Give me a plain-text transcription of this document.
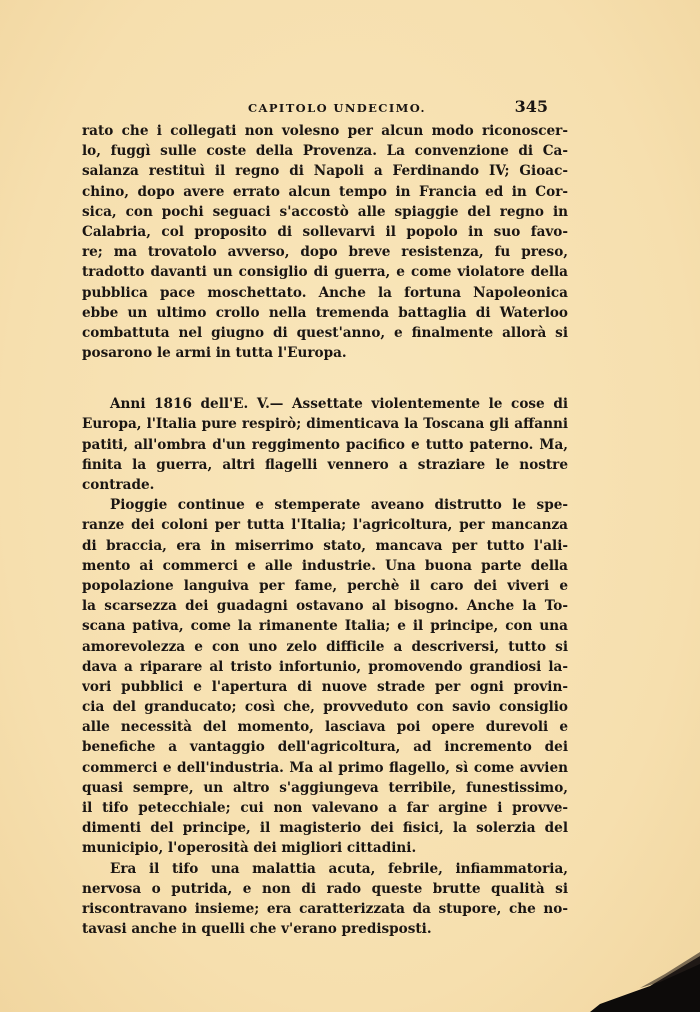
CAPITOLO UNDECIMO.	345
rato che i collegati non volesno per alcun modo riconoscer-
lo, fuggì sulle coste della Provenza. La convenzione di Ca-
salanza restituì il regno di Napoli a Ferdinando IV; Gioac-
chino, dopo avere errato alcun tempo in Francia ed in Cor-
sica, con pochi seguaci s'accostò alle spiaggie del regno in
Calabria, col proposito di sollevarvi il popolo in suo favo-
re; ma trovatolo avverso, dopo breve resistenza, fu preso,
tradotto davanti un consiglio di guerra, e come violatore della
pubblica pace moschettato. Anche la fortuna Napoleonica
ebbe un ultimo crollo nella tremenda battaglia di Waterloo
combattuta nel giugno di quest'anno, e finalmente allorà si
posarono le armi in tutta l'Europa.
Anni 1816 dell'E. V.— Assettate violentemente le cose di
Europa, l'Italia pure respirò; dimenticava la Toscana gli affanni
patiti, all'ombra d'un reggimento pacifico e tutto paterno. Ma,
finita la guerra, altri flagelli vennero a straziare le nostre
contrade.
Pioggie continue e stemperate aveano distrutto le spe-
ranze dei coloni per tutta l'Italia; l'agricoltura, per mancanza
di braccia, era in miserrimo stato, mancava per tutto l'ali-
mento ai commerci e alle industrie. Una buona parte della
popolazione languiva per fame, perchè il caro dei viveri e
la scarsezza dei guadagni ostavano al bisogno. Anche la To-
scana pativa, come la rimanente Italia; e il principe, con una
amorevolezza e con uno zelo difficile a descriversi, tutto si
dava a riparare al tristo infortunio, promovendo grandiosi la-
vori pubblici e l'apertura di nuove strade per ogni provin-
cia del granducato; così che, provveduto con savio consiglio
alle necessità del momento, lasciava poi opere durevoli e
benefiche a vantaggio dell'agricoltura, ad incremento dei
commerci e dell'industria. Ma al primo flagello, sì come avvien
quasi sempre, un altro s'aggiungeva terribile, funestissimo,
il tifo petecchiale; cui non valevano a far argine i provve-
dimenti del principe, il magisterio dei fisici, la solerzia del
municipio, l'operosità dei migliori cittadini.
Era il tifo una malattia acuta, febrile, infiammatoria,
nervosa o putrida, e non di rado queste brutte qualità si
riscontravano insieme; era caratterizzata da stupore, che no-
tavasi anche in quelli che v'erano predisposti.
